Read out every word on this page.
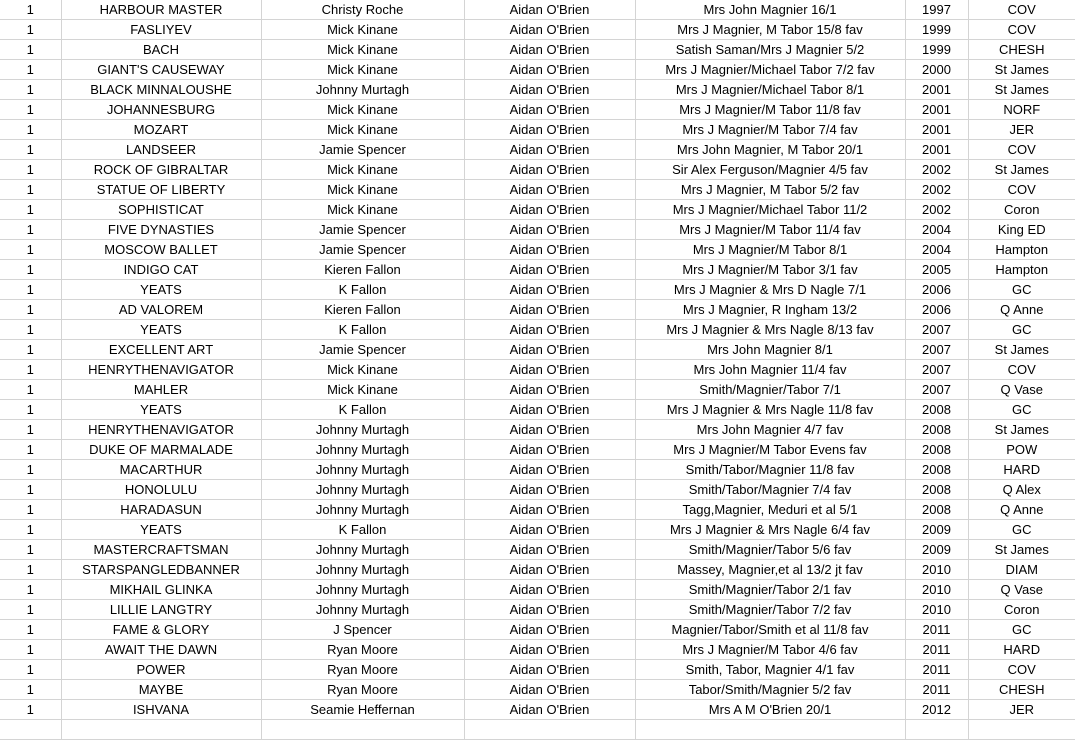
1	HARBOUR MASTER	Christy Roche	Aidan O'Brien	Mrs John Magnier 16/1	1997	COV
1	FASLIYEV	Mick Kinane	Aidan O'Brien	Mrs J Magnier, M Tabor 15/8 fav	1999	COV
1	BACH	Mick Kinane	Aidan O'Brien	Satish Saman/Mrs J Magnier 5/2	1999	CHESH
1	GIANT'S CAUSEWAY	Mick Kinane	Aidan O'Brien	Mrs J Magnier/Michael Tabor 7/2 fav	2000	St James
1	BLACK MINNALOUSHE	Johnny Murtagh	Aidan O'Brien	Mrs J Magnier/Michael Tabor 8/1	2001	St James
1	JOHANNESBURG	Mick Kinane	Aidan O'Brien	Mrs J Magnier/M Tabor 11/8 fav	2001	NORF
1	MOZART	Mick Kinane	Aidan O'Brien	Mrs J Magnier/M Tabor 7/4 fav	2001	JER
1	LANDSEER	Jamie Spencer	Aidan O'Brien	Mrs John Magnier, M Tabor 20/1	2001	COV
1	ROCK OF GIBRALTAR	Mick Kinane	Aidan O'Brien	Sir Alex Ferguson/Magnier 4/5 fav	2002	St James
1	STATUE OF LIBERTY	Mick Kinane	Aidan O'Brien	Mrs J Magnier, M Tabor 5/2 fav	2002	COV
1	SOPHISTICAT	Mick Kinane	Aidan O'Brien	Mrs J Magnier/Michael Tabor 11/2	2002	Coron
1	FIVE DYNASTIES	Jamie Spencer	Aidan O'Brien	Mrs J Magnier/M Tabor 11/4 fav	2004	King ED
1	MOSCOW BALLET	Jamie Spencer	Aidan O'Brien	Mrs J Magnier/M Tabor 8/1	2004	Hampton
1	INDIGO CAT	Kieren Fallon	Aidan O'Brien	Mrs J Magnier/M Tabor 3/1 fav	2005	Hampton
1	YEATS	K Fallon	Aidan O'Brien	Mrs J Magnier & Mrs D Nagle 7/1	2006	GC
1	AD VALOREM	Kieren Fallon	Aidan O'Brien	Mrs J Magnier, R Ingham 13/2	2006	Q Anne
1	YEATS	K Fallon	Aidan O'Brien	Mrs J Magnier & Mrs Nagle 8/13 fav	2007	GC
1	EXCELLENT ART	Jamie Spencer	Aidan O'Brien	Mrs John Magnier 8/1	2007	St James
1	HENRYTHENAVIGATOR	Mick Kinane	Aidan O'Brien	Mrs John Magnier 11/4 fav	2007	COV
1	MAHLER	Mick Kinane	Aidan O'Brien	Smith/Magnier/Tabor 7/1	2007	Q Vase
1	YEATS	K Fallon	Aidan O'Brien	Mrs J Magnier & Mrs Nagle 11/8 fav	2008	GC
1	HENRYTHENAVIGATOR	Johnny Murtagh	Aidan O'Brien	Mrs John Magnier 4/7 fav	2008	St James
1	DUKE OF MARMALADE	Johnny Murtagh	Aidan O'Brien	Mrs J Magnier/M Tabor Evens fav	2008	POW
1	MACARTHUR	Johnny Murtagh	Aidan O'Brien	Smith/Tabor/Magnier 11/8 fav	2008	HARD
1	HONOLULU	Johnny Murtagh	Aidan O'Brien	Smith/Tabor/Magnier 7/4 fav	2008	Q Alex
1	HARADASUN	Johnny Murtagh	Aidan O'Brien	Tagg,Magnier, Meduri et al 5/1	2008	Q Anne
1	YEATS	K Fallon	Aidan O'Brien	Mrs J Magnier & Mrs Nagle 6/4 fav	2009	GC
1	MASTERCRAFTSMAN	Johnny Murtagh	Aidan O'Brien	Smith/Magnier/Tabor 5/6 fav	2009	St James
1	STARSPANGLEDBANNER	Johnny Murtagh	Aidan O'Brien	Massey, Magnier,et al 13/2 jt fav	2010	DIAM
1	MIKHAIL GLINKA	Johnny Murtagh	Aidan O'Brien	Smith/Magnier/Tabor 2/1 fav	2010	Q Vase
1	LILLIE LANGTRY	Johnny Murtagh	Aidan O'Brien	Smith/Magnier/Tabor 7/2 fav	2010	Coron
1	FAME & GLORY	J Spencer	Aidan O'Brien	Magnier/Tabor/Smith et al 11/8 fav	2011	GC
1	AWAIT THE DAWN	Ryan Moore	Aidan O'Brien	Mrs J Magnier/M Tabor 4/6 fav	2011	HARD
1	POWER	Ryan Moore	Aidan O'Brien	Smith, Tabor, Magnier 4/1 fav	2011	COV
1	MAYBE	Ryan Moore	Aidan O'Brien	Tabor/Smith/Magnier 5/2 fav	2011	CHESH
1	ISHVANA	Seamie Heffernan	Aidan O'Brien	Mrs A M O'Brien 20/1	2012	JER
